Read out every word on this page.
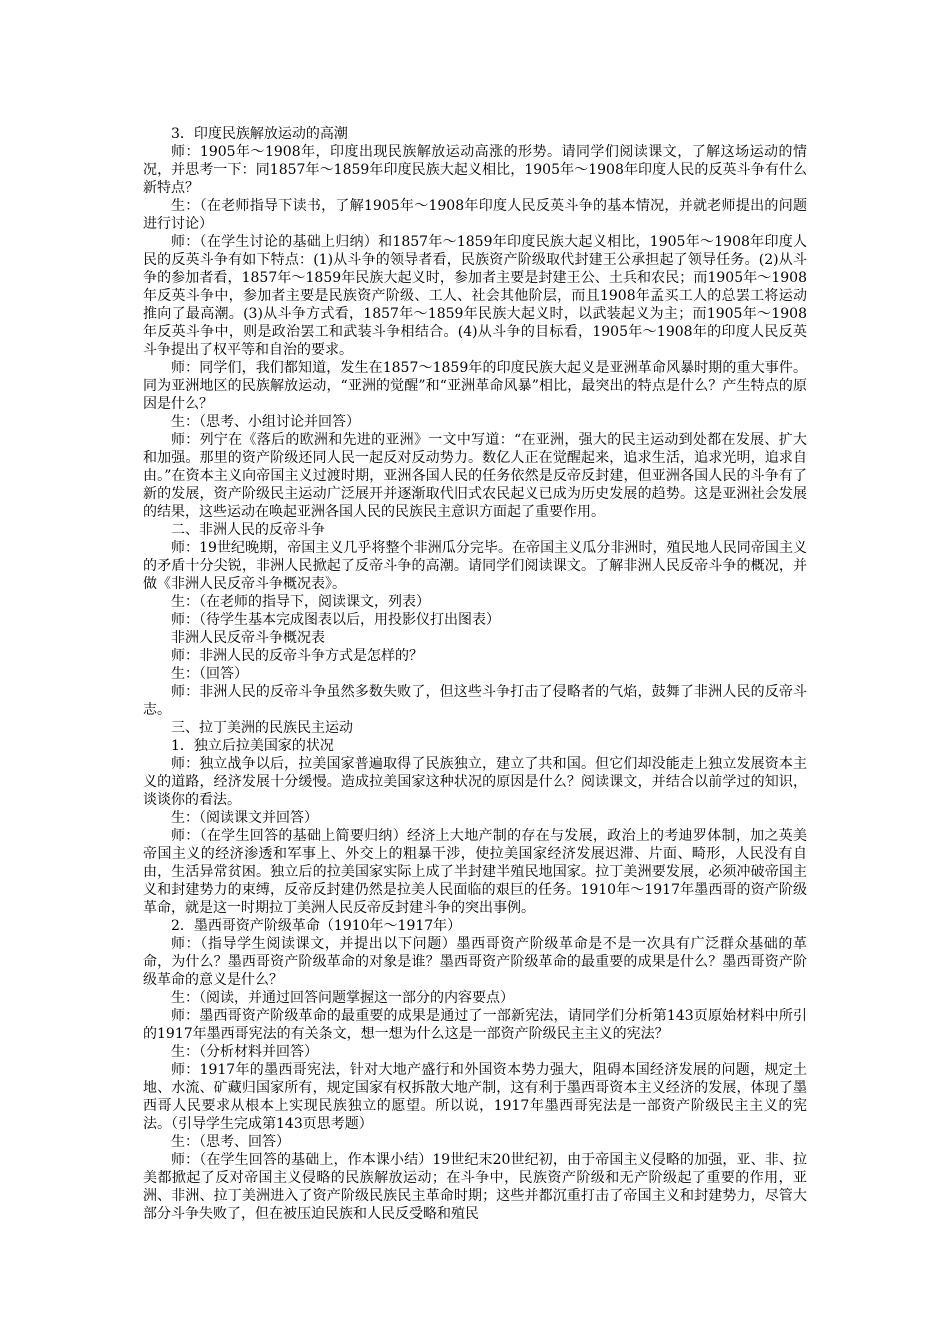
3．印度民族解放运动的高潮

师：1905年～1908年，印度出现民族解放运动高涨的形势。请同学们阅读课文，了解这场运动的情况，并思考一下：同1857年～1859年印度民族大起义相比，1905年～1908年印度人民的反英斗争有什么新特点？

生：（在老师指导下读书，了解1905年～1908年印度人民反英斗争的基本情况，并就老师提出的问题进行讨论）

师：（在学生讨论的基础上归纳）和1857年～1859年印度民族大起义相比，1905年～1908年印度人民的反英斗争有如下特点：(1)从斗争的领导者看，民族资产阶级取代封建王公承担起了领导任务。(2)从斗争的参加者看，1857年～1859年民族大起义时，参加者主要是封建王公、土兵和农民；而1905年～1908年反英斗争中，参加者主要是民族资产阶级、工人、社会其他阶层，而且1908年孟买工人的总罢工将运动推向了最高潮。(3)从斗争方式看，1857年～1859年民族大起义时，以武装起义为主；而1905年～1908年反英斗争中，则是政治罢工和武装斗争相结合。(4)从斗争的目标看，1905年～1908年的印度人民反英斗争提出了权平等和自治的要求。

师：同学们，我们都知道，发生在1857～1859年的印度民族大起义是亚洲革命风暴时期的重大事件。同为亚洲地区的民族解放运动，“亚洲的觉醒”和“亚洲革命风暴”相比，最突出的特点是什么？产生特点的原因是什么？

生：（思考、小组讨论并回答）

师：列宁在《落后的欧洲和先进的亚洲》一文中写道：“在亚洲，强大的民主运动到处都在发展、扩大和加强。那里的资产阶级还同人民一起反对反动势力。数亿人正在觉醒起来，追求生活，追求光明，追求自由。”在资本主义向帝国主义过渡时期，亚洲各国人民的任务依然是反帝反封建，但亚洲各国人民的斗争有了新的发展，资产阶级民主运动广泛展开并逐渐取代旧式农民起义已成为历史发展的趋势。这是亚洲社会发展的结果，这些运动在唤起亚洲各国人民的民族民主意识方面起了重要作用。

二、非洲人民的反帝斗争

师：19世纪晚期，帝国主义几乎将整个非洲瓜分完毕。在帝国主义瓜分非洲时，殖民地人民同帝国主义的矛盾十分尖锐，非洲人民掀起了反帝斗争的高潮。请同学们阅读课文。了解非洲人民反帝斗争的概况，并做《非洲人民反帝斗争概况表》。

生：（在老师的指导下，阅读课文，列表）

师：（待学生基本完成图表以后，用投影仪打出图表）

非洲人民反帝斗争概况表

师：非洲人民的反帝斗争方式是怎样的？

生：（回答）

师：非洲人民的反帝斗争虽然多数失败了，但这些斗争打击了侵略者的气焰，鼓舞了非洲人民的反帝斗志。

三、拉丁美洲的民族民主运动

1．独立后拉美国家的状况

师：独立战争以后，拉美国家普遍取得了民族独立，建立了共和国。但它们却没能走上独立发展资本主义的道路，经济发展十分缓慢。造成拉美国家这种状况的原因是什么？阅读课文，并结合以前学过的知识，谈谈你的看法。

生：（阅读课文并回答）

师：（在学生回答的基础上简要归纳）经济上大地产制的存在与发展，政治上的考迪罗体制，加之英美帝国主义的经济渗透和军事上、外交上的粗暴干涉，使拉美国家经济发展迟滞、片面、畸形，人民没有自由，生活异常贫困。独立后的拉美国家实际上成了半封建半殖民地国家。拉丁美洲要发展，必须冲破帝国主义和封建势力的束缚，反帝反封建仍然是拉美人民面临的艰巨的任务。1910年～1917年墨西哥的资产阶级革命，就是这一时期拉丁美洲人民反帝反封建斗争的突出事例。

2．墨西哥资产阶级革命（1910年～1917年）

师：（指导学生阅读课文，并提出以下问题）墨西哥资产阶级革命是不是一次具有广泛群众基础的革命，为什么？墨西哥资产阶级革命的对象是谁？墨西哥资产阶级革命的最重要的成果是什么？墨西哥资产阶级革命的意义是什么？

生：（阅读，并通过回答问题掌握这一部分的内容要点）

师：墨西哥资产阶级革命的最重要的成果是通过了一部新宪法，请同学们分析第143页原始材料中所引的1917年墨西哥宪法的有关条文，想一想为什么这是一部资产阶级民主主义的宪法？

生：（分析材料并回答）

师：1917年的墨西哥宪法，针对大地产盛行和外国资本势力强大，阻碍本国经济发展的问题，规定土地、水流、矿藏归国家所有，规定国家有权拆散大地产制，这有利于墨西哥资本主义经济的发展，体现了墨西哥人民要求从根本上实现民族独立的愿望。所以说，1917年墨西哥宪法是一部资产阶级民主主义的宪法。（引导学生完成第143页思考题）

生：（思考、回答）

师：（在学生回答的基础上，作本课小结）19世纪末20世纪初，由于帝国主义侵略的加强，亚、非、拉美都掀起了反对帝国主义侵略的民族解放运动；在斗争中，民族资产阶级和无产阶级起了重要的作用，亚洲、非洲、拉丁美洲进入了资产阶级民族民主革命时期；这些并都沉重打击了帝国主义和封建势力，尽管大部分斗争失败了，但在被压迫民族和人民反受略和殖民
